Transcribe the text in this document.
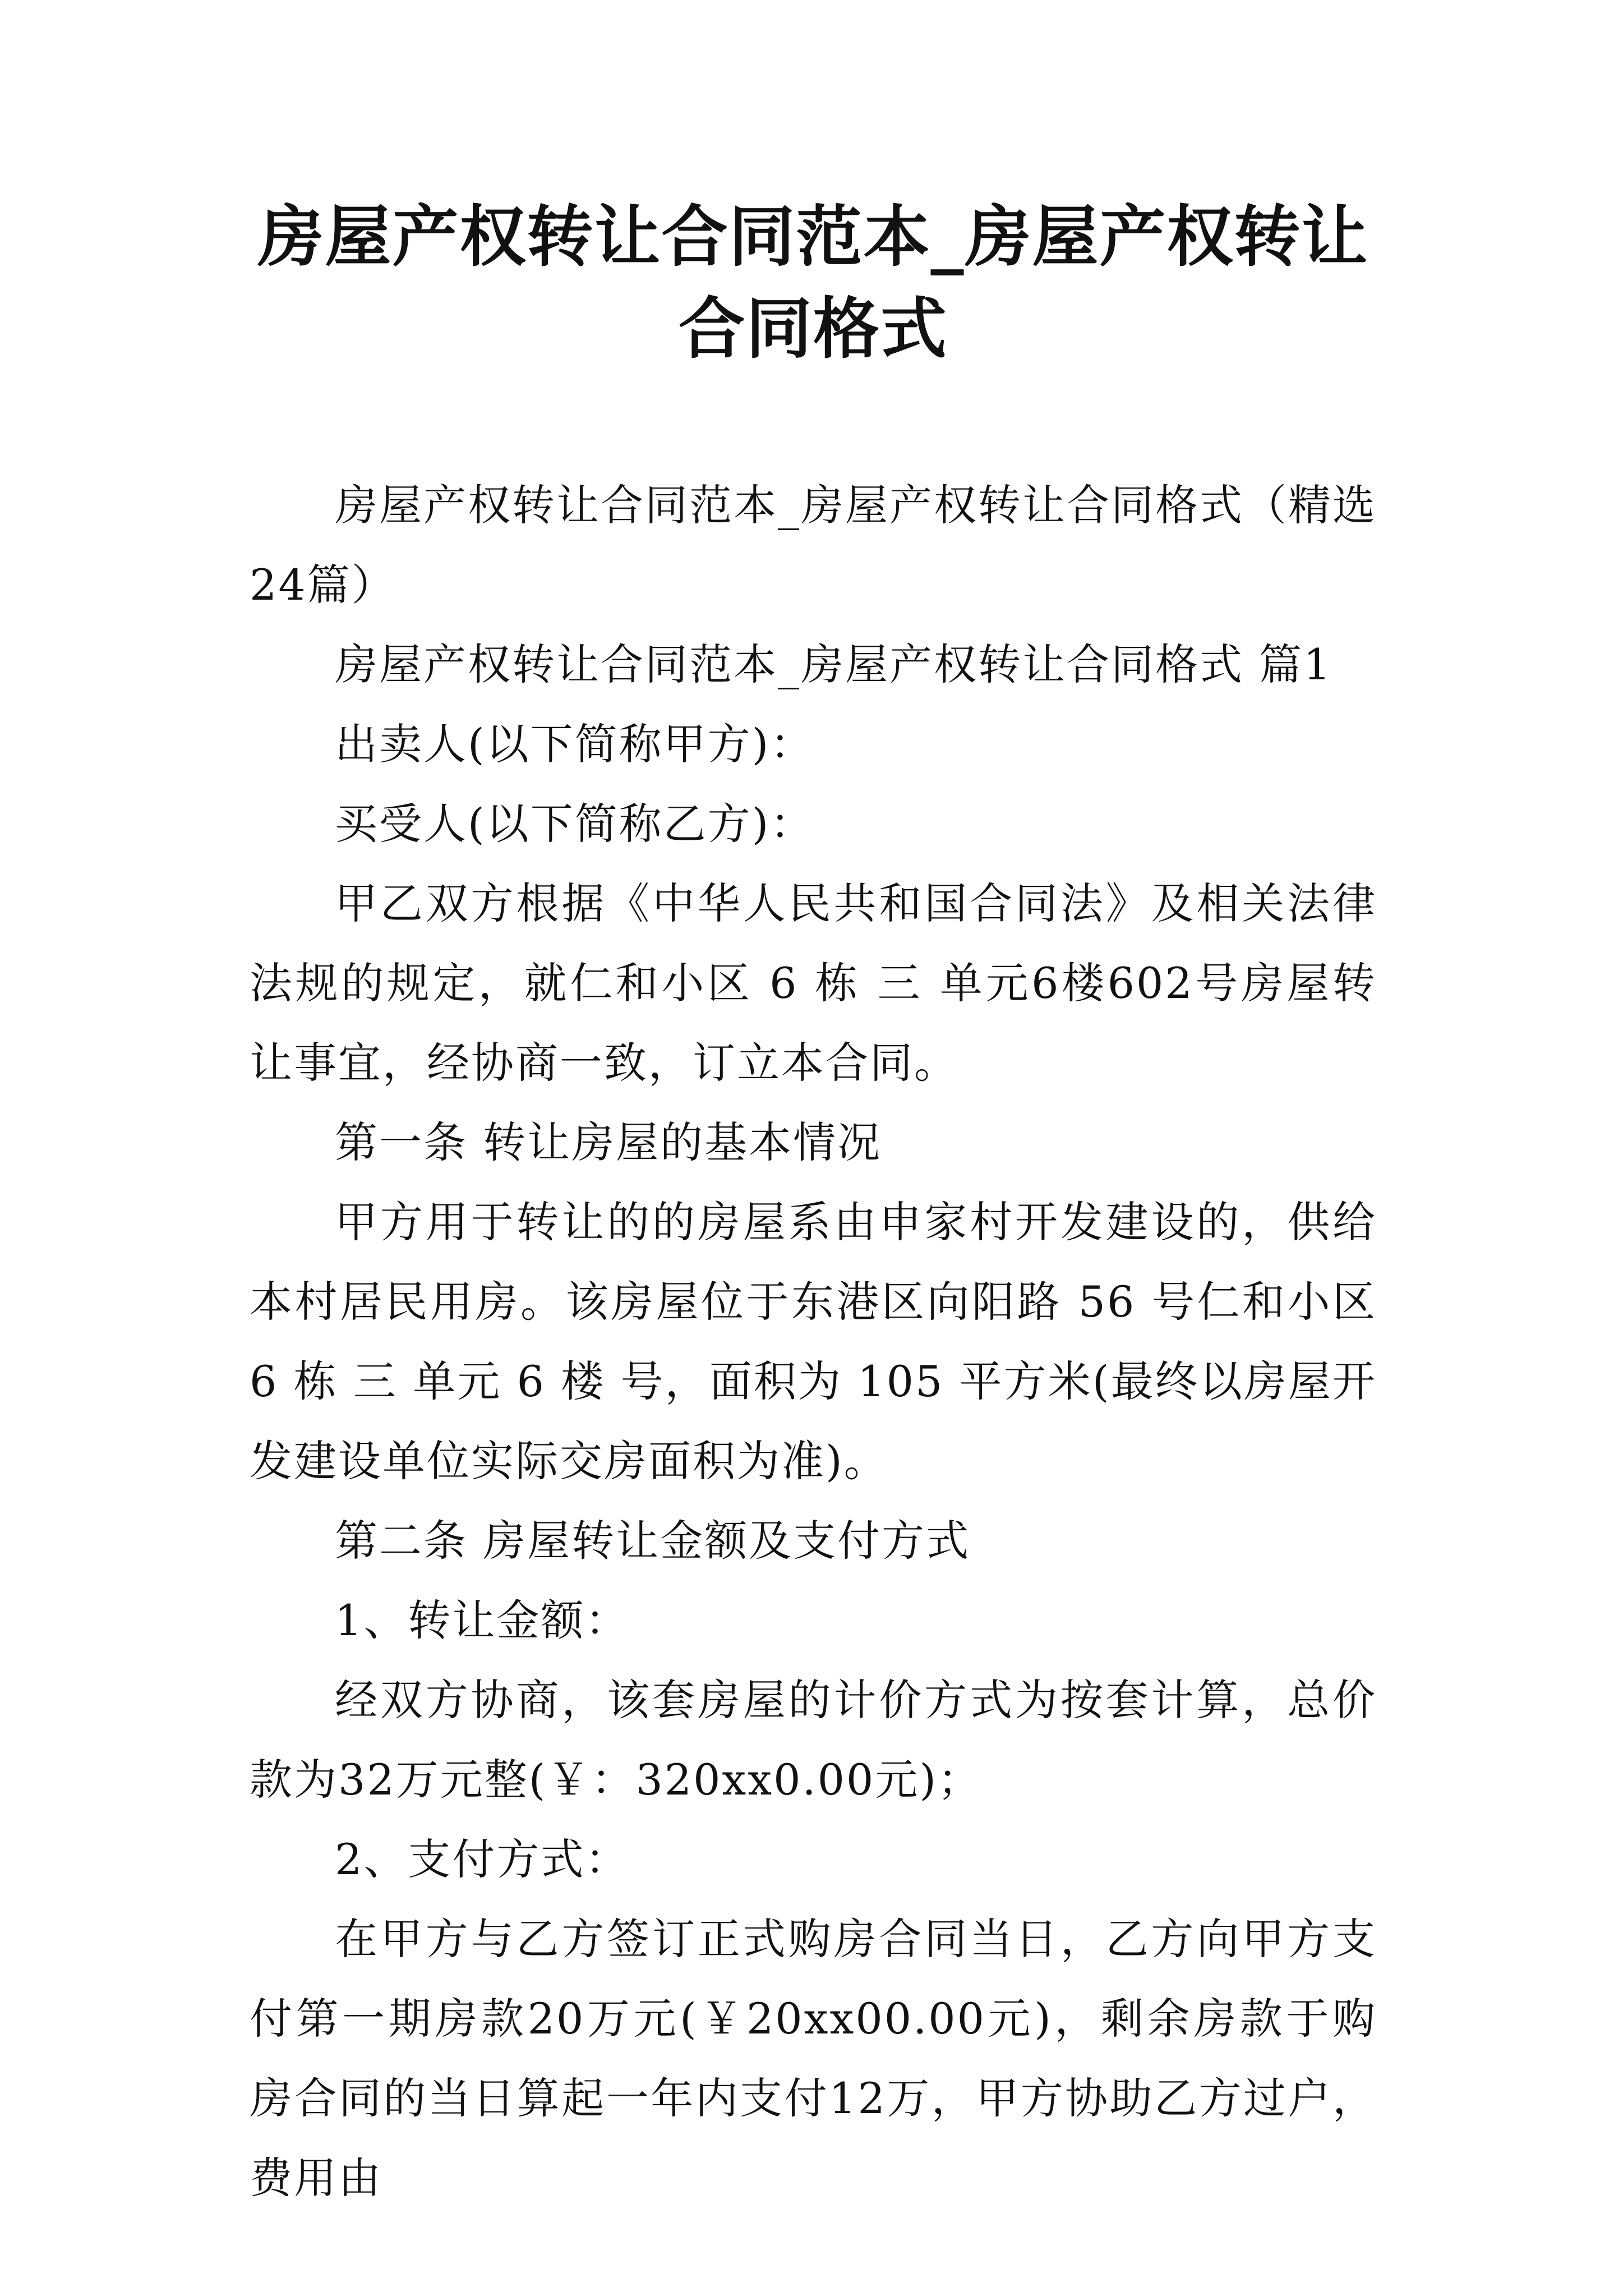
房屋产权转让合同范本_房屋产权转让合同格式

房屋产权转让合同范本_房屋产权转让合同格式（精选24篇）

房屋产权转让合同范本_房屋产权转让合同格式 篇1

出卖人(以下简称甲方)：

买受人(以下简称乙方)：

甲乙双方根据《中华人民共和国合同法》及相关法律法规的规定，就仁和小区 6 栋 三 单元6楼602号房屋转让事宜，经协商一致，订立本合同。

第一条 转让房屋的基本情况

甲方用于转让的的房屋系由申家村开发建设的，供给本村居民用房。该房屋位于东港区向阳路 56 号仁和小区 6 栋 三 单元 6 楼 号，面积为 105 平方米(最终以房屋开发建设单位实际交房面积为准)。

第二条 房屋转让金额及支付方式

1、转让金额：

经双方协商，该套房屋的计价方式为按套计算，总价款为32万元整(￥：320xx0.00元)；

2、支付方式：

在甲方与乙方签订正式购房合同当日，乙方向甲方支付第一期房款20万元(￥20xx00.00元)，剩余房款于购房合同的当日算起一年内支付12万，甲方协助乙方过户，费用由
